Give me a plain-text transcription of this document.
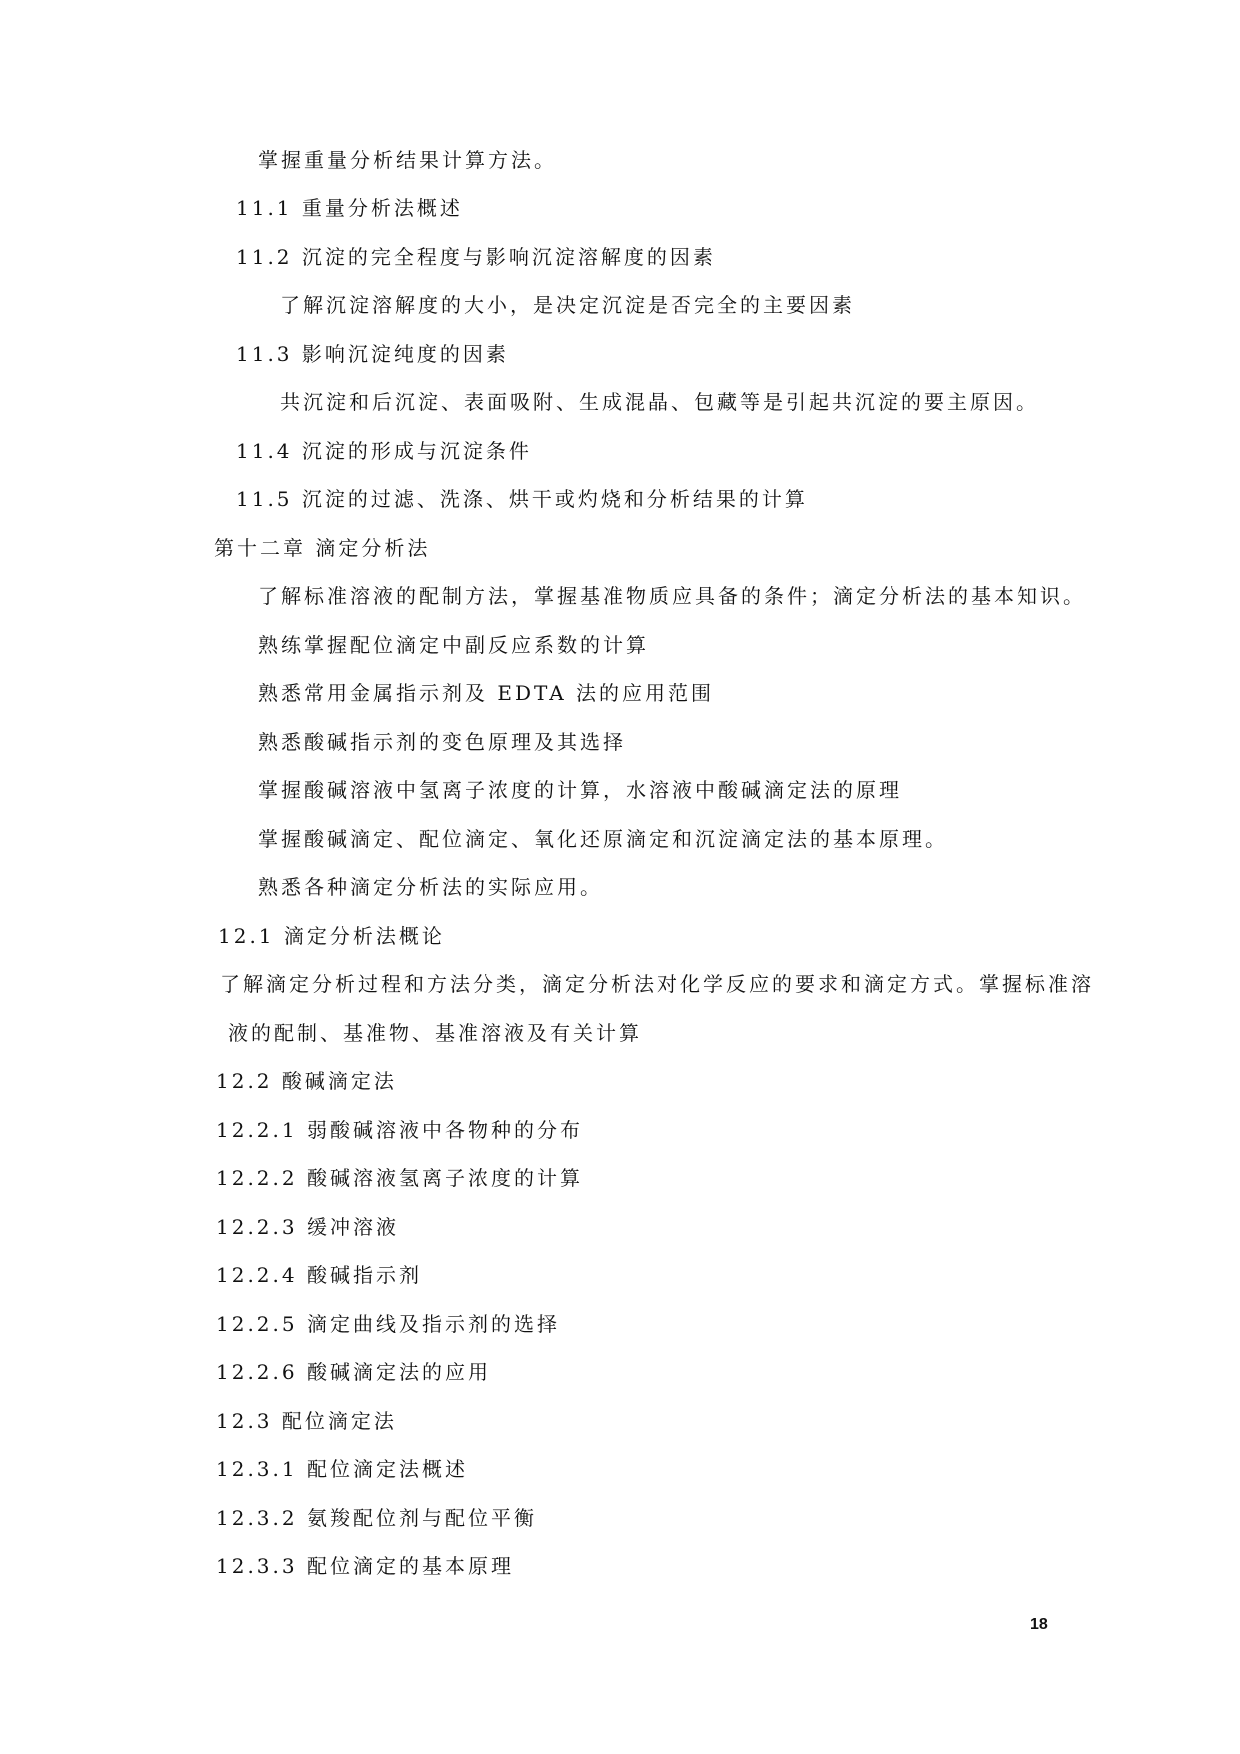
掌握重量分析结果计算方法。
11.1 重量分析法概述
11.2 沉淀的完全程度与影响沉淀溶解度的因素
了解沉淀溶解度的大小，是决定沉淀是否完全的主要因素
11.3 影响沉淀纯度的因素
共沉淀和后沉淀、表面吸附、生成混晶、包藏等是引起共沉淀的要主原因。
11.4 沉淀的形成与沉淀条件
11.5 沉淀的过滤、洗涤、烘干或灼烧和分析结果的计算
第十二章 滴定分析法
了解标准溶液的配制方法，掌握基准物质应具备的条件；滴定分析法的基本知识。
熟练掌握配位滴定中副反应系数的计算
熟悉常用金属指示剂及 EDTA 法的应用范围
熟悉酸碱指示剂的变色原理及其选择
掌握酸碱溶液中氢离子浓度的计算，水溶液中酸碱滴定法的原理
掌握酸碱滴定、配位滴定、氧化还原滴定和沉淀滴定法的基本原理。
熟悉各种滴定分析法的实际应用。
12.1 滴定分析法概论
了解滴定分析过程和方法分类，滴定分析法对化学反应的要求和滴定方式。掌握标准溶
液的配制、基准物、基准溶液及有关计算
12.2 酸碱滴定法
12.2.1 弱酸碱溶液中各物种的分布
12.2.2 酸碱溶液氢离子浓度的计算
12.2.3 缓冲溶液
12.2.4 酸碱指示剂
12.2.5 滴定曲线及指示剂的选择
12.2.6 酸碱滴定法的应用
12.3 配位滴定法
12.3.1 配位滴定法概述
12.3.2 氨羧配位剂与配位平衡
12.3.3 配位滴定的基本原理
18
